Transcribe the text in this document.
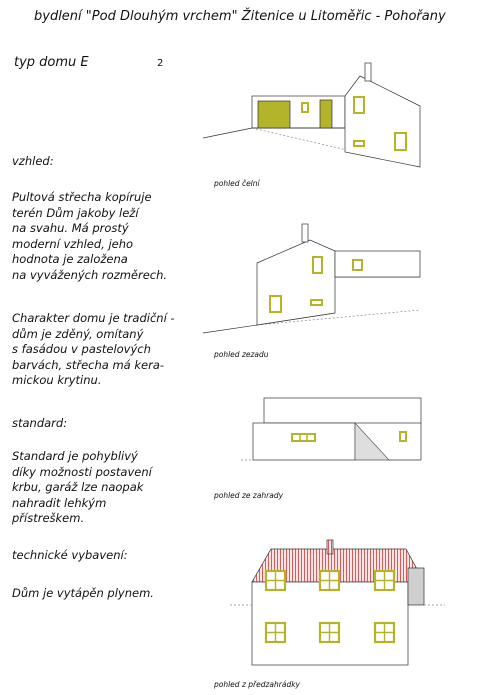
bydlení "Pod Dlouhým vrchem" Žitenice u Litoměřic - Pohořany
typ domu E	2
vzhled:
Pultová střecha kopíruje
terén Dům jakoby leží
na svahu. Má prostý
moderní vzhled, jeho
hodnota je založena
na vyvážených rozměrech.
Charakter domu je tradiční -
dům je zděný, omítaný
s fasádou v pastelových
barvách, střecha má kera-
mickou krytinu.
standard:
Standard je pohyblivý
díky možnosti postavení
krbu, garáž lze naopak
nahradit lehkým
přístreškem.
technické vybavení:
Dům je vytápěn plynem.
pohled čelní
pohled zezadu
pohled ze zahrady
pohled z předzahrádky
